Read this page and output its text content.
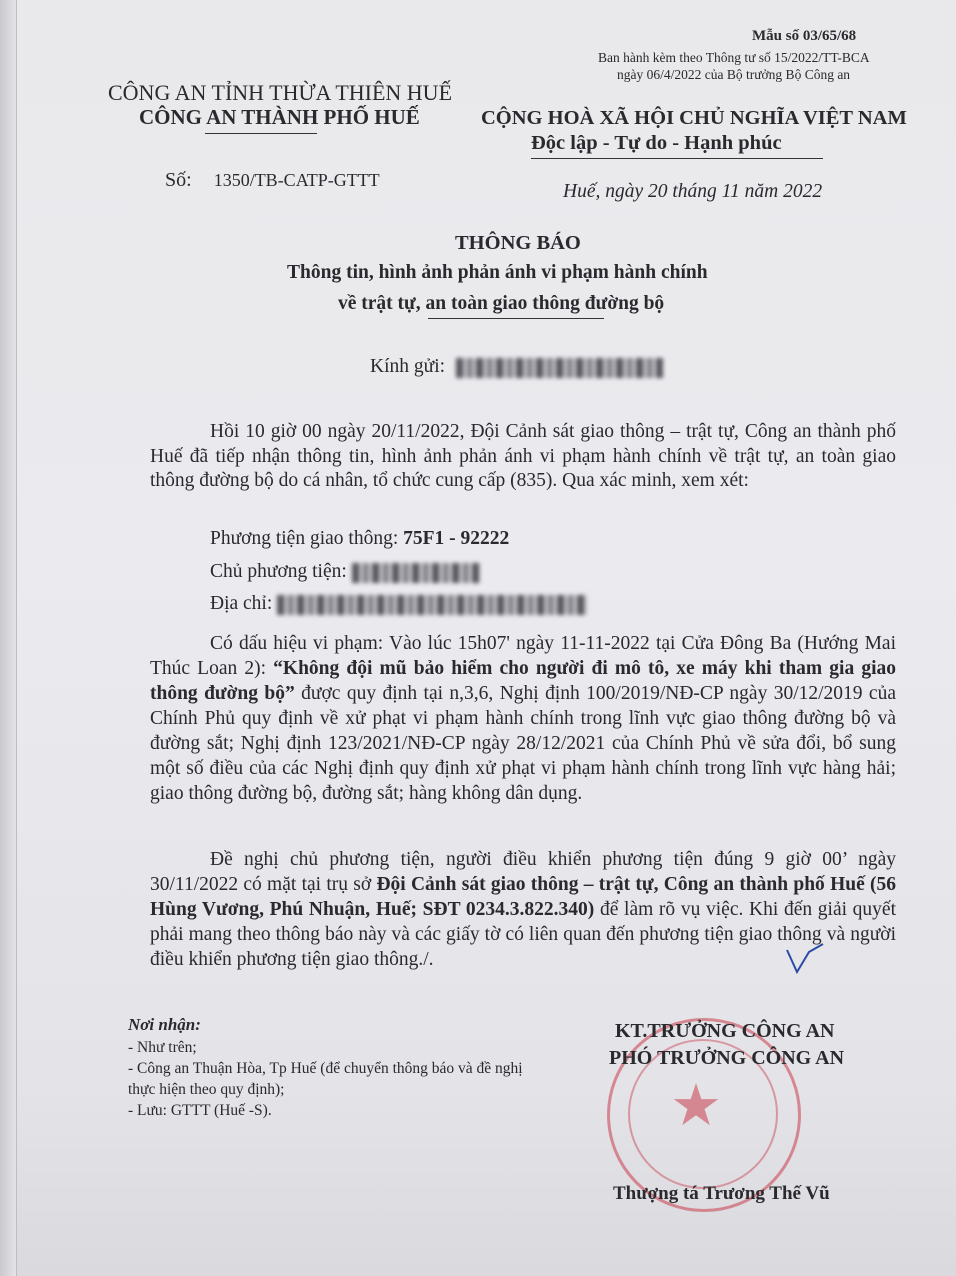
Mẫu số 03/65/68
Ban hành kèm theo Thông tư số 15/2022/TT-BCA
ngày 06/4/2022 của Bộ trưởng Bộ Công an
CÔNG AN TỈNH THỪA THIÊN HUẾ
CÔNG AN THÀNH PHỐ HUẾ
Số: 1350/TB-CATP-GTTT
CỘNG HOÀ XÃ HỘI CHỦ NGHĨA VIỆT NAM
Độc lập - Tự do - Hạnh phúc
Huế, ngày 20 tháng 11 năm 2022
THÔNG BÁO
Thông tin, hình ảnh phản ánh vi phạm hành chính
về trật tự, an toàn giao thông đường bộ
Kính gửi:
Hồi 10 giờ 00 ngày 20/11/2022, Đội Cảnh sát giao thông – trật tự, Công an thành phố Huế đã tiếp nhận thông tin, hình ảnh phản ánh vi phạm hành chính về trật tự, an toàn giao thông đường bộ do cá nhân, tổ chức cung cấp (835). Qua xác minh, xem xét:
Phương tiện giao thông: 75F1 - 92222
Chủ phương tiện:
Địa chỉ:
Có dấu hiệu vi phạm: Vào lúc 15h07' ngày 11-11-2022 tại Cửa Đông Ba (Hướng Mai Thúc Loan 2): “Không đội mũ bảo hiểm cho người đi mô tô, xe máy khi tham gia giao thông đường bộ” được quy định tại n,3,6, Nghị định 100/2019/NĐ-CP ngày 30/12/2019 của Chính Phủ quy định về xử phạt vi phạm hành chính trong lĩnh vực giao thông đường bộ và đường sắt; Nghị định 123/2021/NĐ-CP ngày 28/12/2021 của Chính Phủ về sửa đổi, bổ sung một số điều của các Nghị định quy định xử phạt vi phạm hành chính trong lĩnh vực hàng hải; giao thông đường bộ, đường sắt; hàng không dân dụng.
Đề nghị chủ phương tiện, người điều khiển phương tiện đúng 9 giờ 00’ ngày 30/11/2022 có mặt tại trụ sở Đội Cảnh sát giao thông – trật tự, Công an thành phố Huế (56 Hùng Vương, Phú Nhuận, Huế; SĐT 0234.3.822.340) để làm rõ vụ việc. Khi đến giải quyết phải mang theo thông báo này và các giấy tờ có liên quan đến phương tiện giao thông và người điều khiển phương tiện giao thông./.
Nơi nhận:
- Như trên;
- Công an Thuận Hòa, Tp Huế (để chuyển thông báo và đề nghị thực hiện theo quy định);
- Lưu: GTTT (Huế -S).	★
KT.TRƯỞNG CÔNG AN
PHÓ TRƯỞNG CÔNG AN
Thượng tá Trương Thế Vũ
